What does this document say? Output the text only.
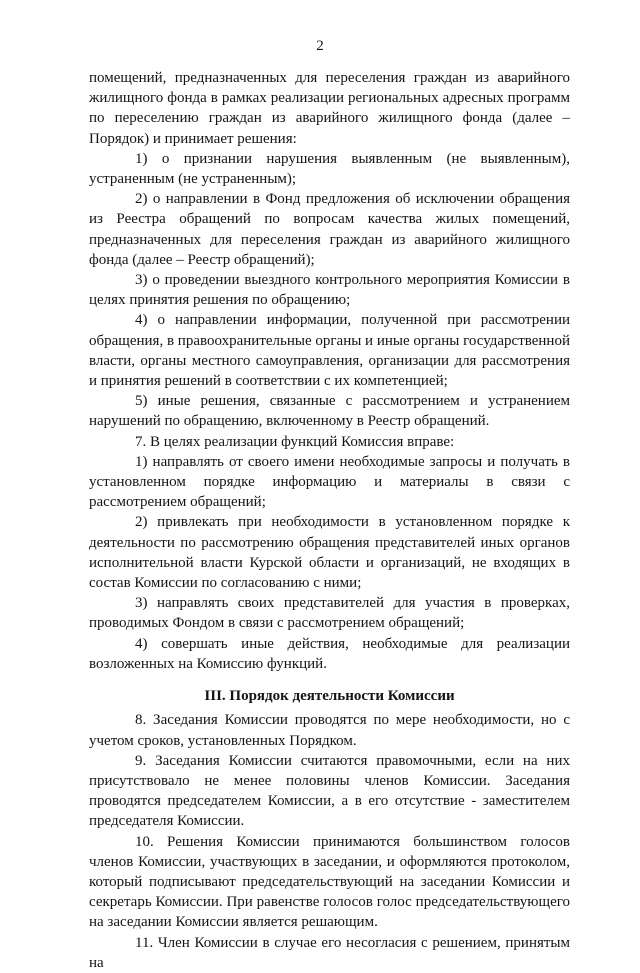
2

помещений, предназначенных для переселения граждан из аварийного жилищного фонда в рамках реализации региональных адресных программ по переселению граждан из аварийного жилищного фонда (далее – Порядок) и принимает решения:

1) о признании нарушения выявленным (не выявленным), устраненным (не устраненным);

2) о направлении в Фонд предложения об исключении обращения из Реестра обращений по вопросам качества жилых помещений, предназначенных для переселения граждан из аварийного жилищного фонда (далее – Реестр обращений);

3) о проведении выездного контрольного мероприятия Комиссии в целях принятия решения по обращению;

4) о направлении информации, полученной при рассмотрении обращения, в правоохранительные органы и иные органы государственной власти, органы местного самоуправления, организации для рассмотрения и принятия решений в соответствии с их компетенцией;

5) иные решения, связанные с рассмотрением и устранением нарушений по обращению, включенному в Реестр обращений.

7. В целях реализации функций Комиссия вправе:

1) направлять от своего имени необходимые запросы и получать в установленном порядке информацию и материалы в связи с рассмотрением обращений;

2) привлекать при необходимости в установленном порядке к деятельности по рассмотрению обращения представителей иных органов исполнительной власти Курской области и организаций, не входящих в состав Комиссии по согласованию с ними;

3) направлять своих представителей для участия в проверках, проводимых Фондом в связи с рассмотрением обращений;

4) совершать иные действия, необходимые для реализации возложенных на Комиссию функций.

III. Порядок деятельности Комиссии

8. Заседания Комиссии проводятся по мере необходимости, но с учетом сроков, установленных Порядком.

9. Заседания Комиссии считаются правомочными, если на них присутствовало не менее половины членов Комиссии. Заседания проводятся председателем Комиссии, а в его отсутствие - заместителем председателя Комиссии.

10. Решения Комиссии принимаются большинством голосов членов Комиссии, участвующих в заседании, и оформляются протоколом, который подписывают председательствующий на заседании Комиссии и секретарь Комиссии. При равенстве голосов голос председательствующего на заседании Комиссии является решающим.

11. Член Комиссии в случае его несогласия с решением, принятым на
